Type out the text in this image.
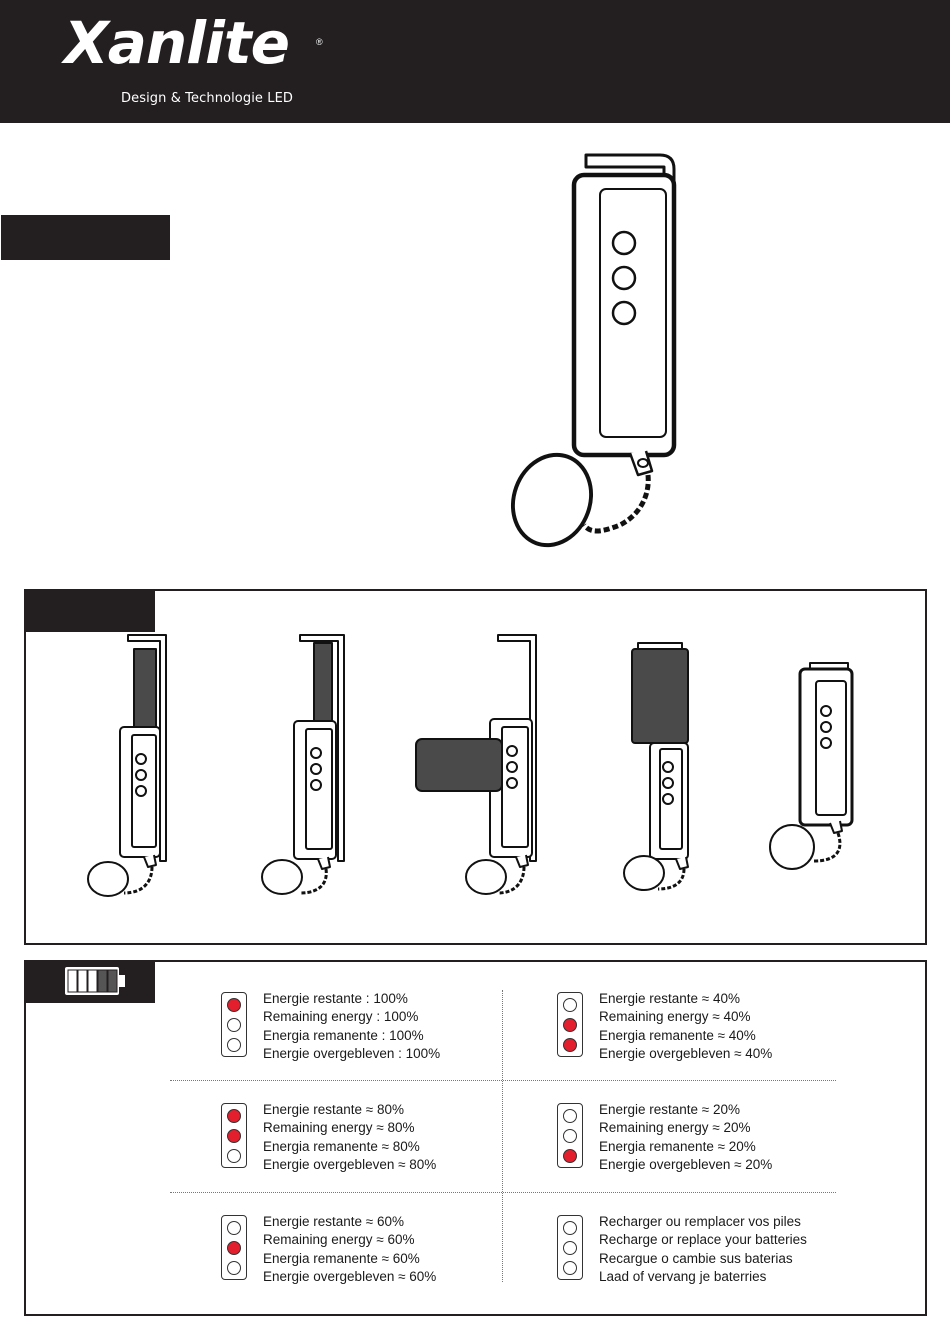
Xanlite	®
Design & Technologie LED
Energie restante : 100%
Remaining energy : 100%
Energia remanente : 100%
Energie overgebleven : 100%
Energie restante ≈ 40%
Remaining energy ≈ 40%
Energia remanente ≈ 40%
Energie overgebleven ≈ 40%
Energie restante ≈ 80%
Remaining energy ≈ 80%
Energia remanente ≈ 80%
Energie overgebleven ≈ 80%
Energie restante ≈ 20%
Remaining energy ≈ 20%
Energia remanente ≈ 20%
Energie overgebleven ≈ 20%
Energie restante ≈ 60%
Remaining energy ≈ 60%
Energia remanente ≈ 60%
Energie overgebleven ≈ 60%
Recharger ou remplacer vos piles
Recharge or replace your batteries
Recargue o cambie sus baterias
Laad of vervang je baterries
